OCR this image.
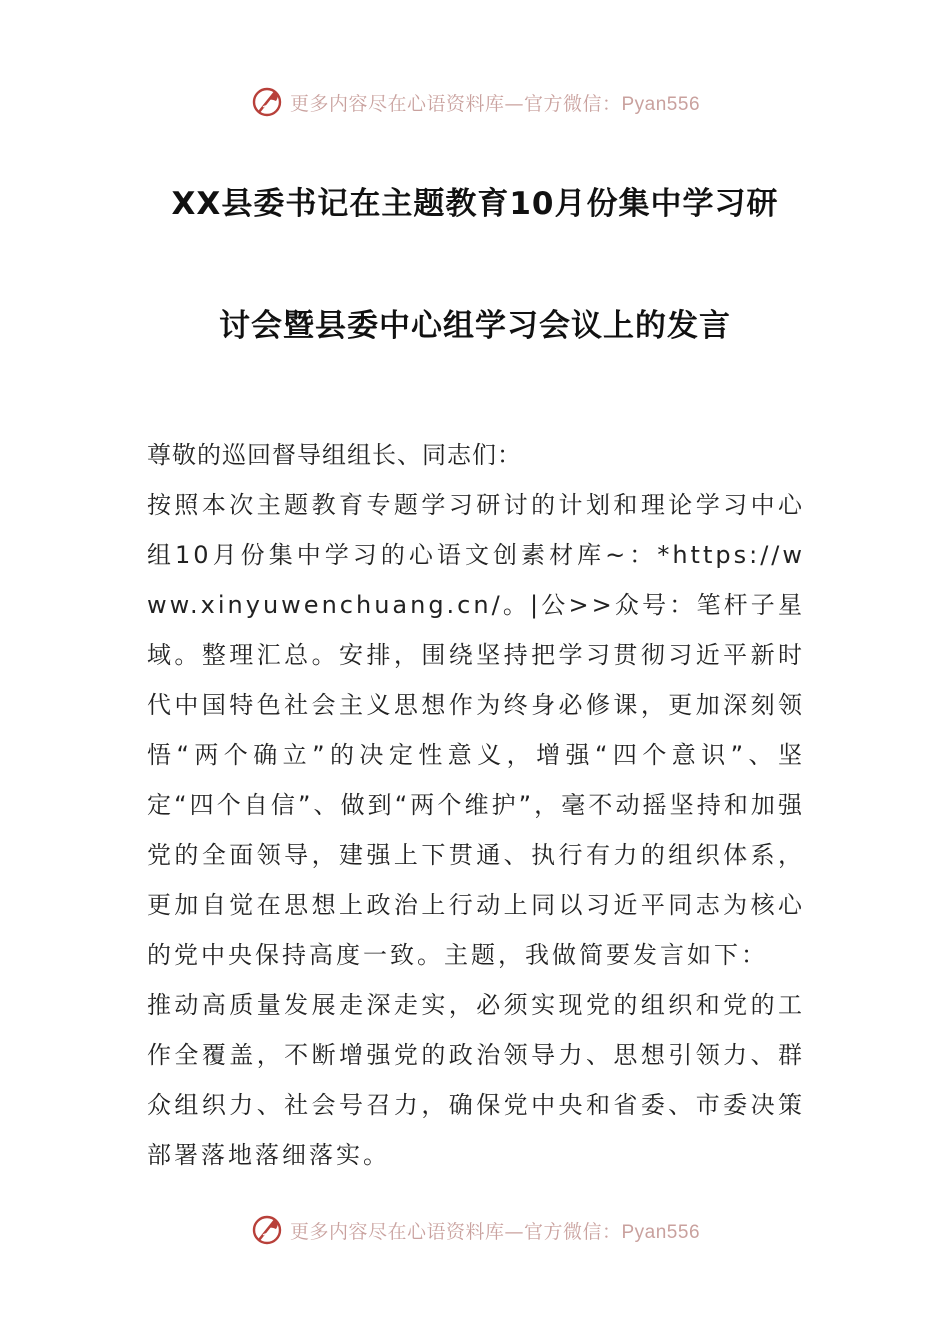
更多内容尽在心语资料库—官方微信：Pyan556
XX县委书记在主题教育10月份集中学习研
讨会暨县委中心组学习会议上的发言

尊敬的巡回督导组组长、同志们：

按照本次主题教育专题学习研讨的计划和理论学习中心组10月份集中学习的心语文创素材库~：*https://www.xinyuwenchuang.cn/。|公>>众号：笔杆子星域。整理汇总。安排，围绕坚持把学习贯彻习近平新时代中国特色社会主义思想作为终身必修课，更加深刻领悟“两个确立”的决定性意义，增强“四个意识”、坚定“四个自信”、做到“两个维护”，毫不动摇坚持和加强党的全面领导，建强上下贯通、执行有力的组织体系，更加自觉在思想上政治上行动上同以习近平同志为核心的党中央保持高度一致。主题，我做简要发言如下：

推动高质量发展走深走实，必须实现党的组织和党的工作全覆盖，不断增强党的政治领导力、思想引领力、群众组织力、社会号召力，确保党中央和省委、市委决策部署落地落细落实。

更多内容尽在心语资料库—官方微信：Pyan556
